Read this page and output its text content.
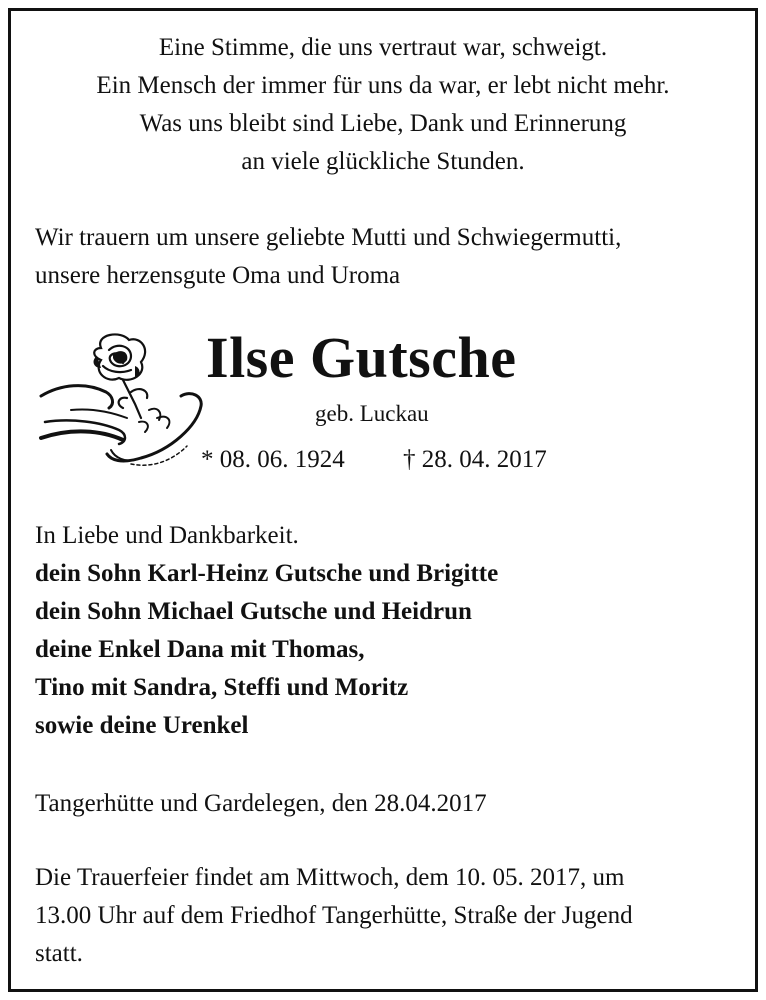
Eine Stimme, die uns vertraut war, schweigt.
Ein Mensch der immer für uns da war, er lebt nicht mehr.
Was uns bleibt sind Liebe, Dank und Erinnerung
an viele glückliche Stunden.
Wir trauern um unsere geliebte Mutti und Schwiegermutti,
unsere herzensgute Oma und Uroma
Ilse Gutsche
geb. Luckau
* 08. 06. 1924 † 28. 04. 2017
In Liebe und Dankbarkeit.
dein Sohn Karl-Heinz Gutsche und Brigitte
dein Sohn Michael Gutsche und Heidrun
deine Enkel Dana mit Thomas,
Tino mit Sandra, Steffi und Moritz
sowie deine Urenkel
Tangerhütte und Gardelegen, den 28.04.2017
Die Trauerfeier findet am Mittwoch, dem 10. 05. 2017, um
13.00 Uhr auf dem Friedhof Tangerhütte, Straße der Jugend
statt.
